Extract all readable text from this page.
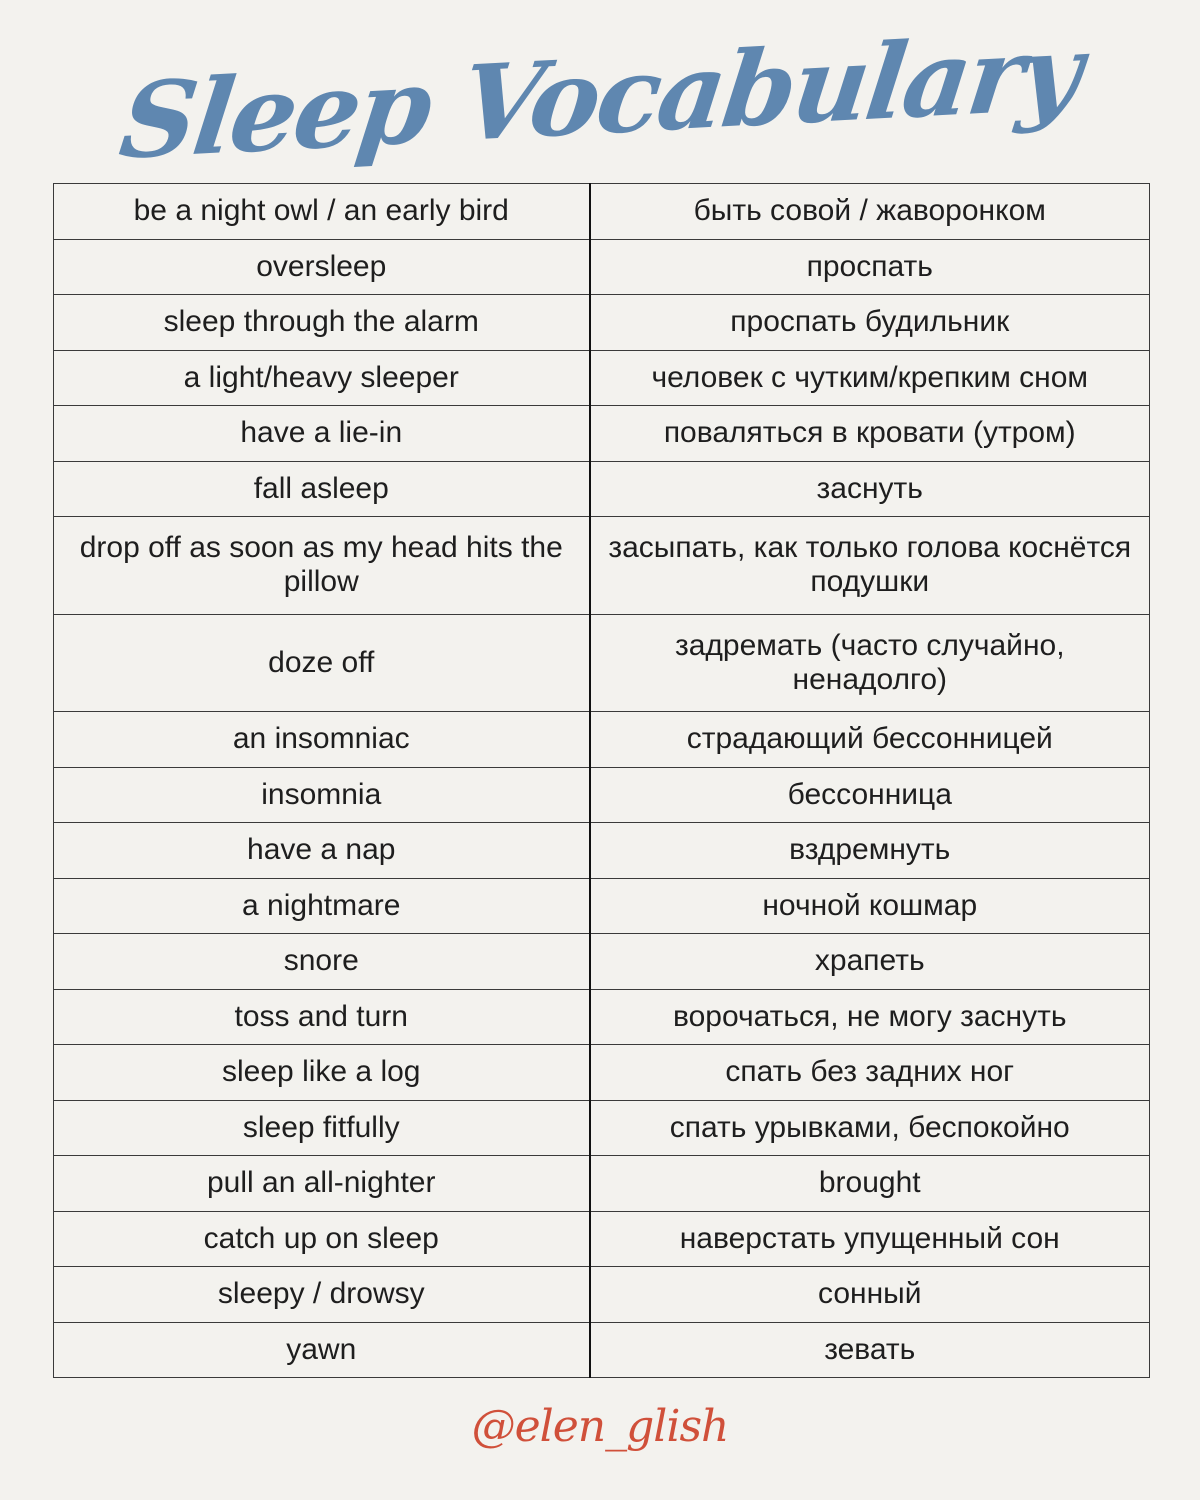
Sleep Vocabulary
be a night owl / an early bird	быть совой / жаворонком
oversleep	проспать
sleep through the alarm	проспать будильник
a light/heavy sleeper	человек с чутким/крепким сном
have a lie-in	поваляться в кровати (утром)
fall asleep	заснуть
drop off as soon as my head hits the pillow	засыпать, как только голова коснётся подушки
doze off	задремать (часто случайно, ненадолго)
an insomniac	страдающий бессонницей
insomnia	бессонница
have a nap	вздремнуть
a nightmare	ночной кошмар
snore	храпеть
toss and turn	ворочаться, не могу заснуть
sleep like a log	спать без задних ног
sleep fitfully	спать урывками, беспокойно
pull an all-nighter	brought
catch up on sleep	наверстать упущенный сон
sleepy / drowsy	сонный
yawn	зевать
@elen_glish
